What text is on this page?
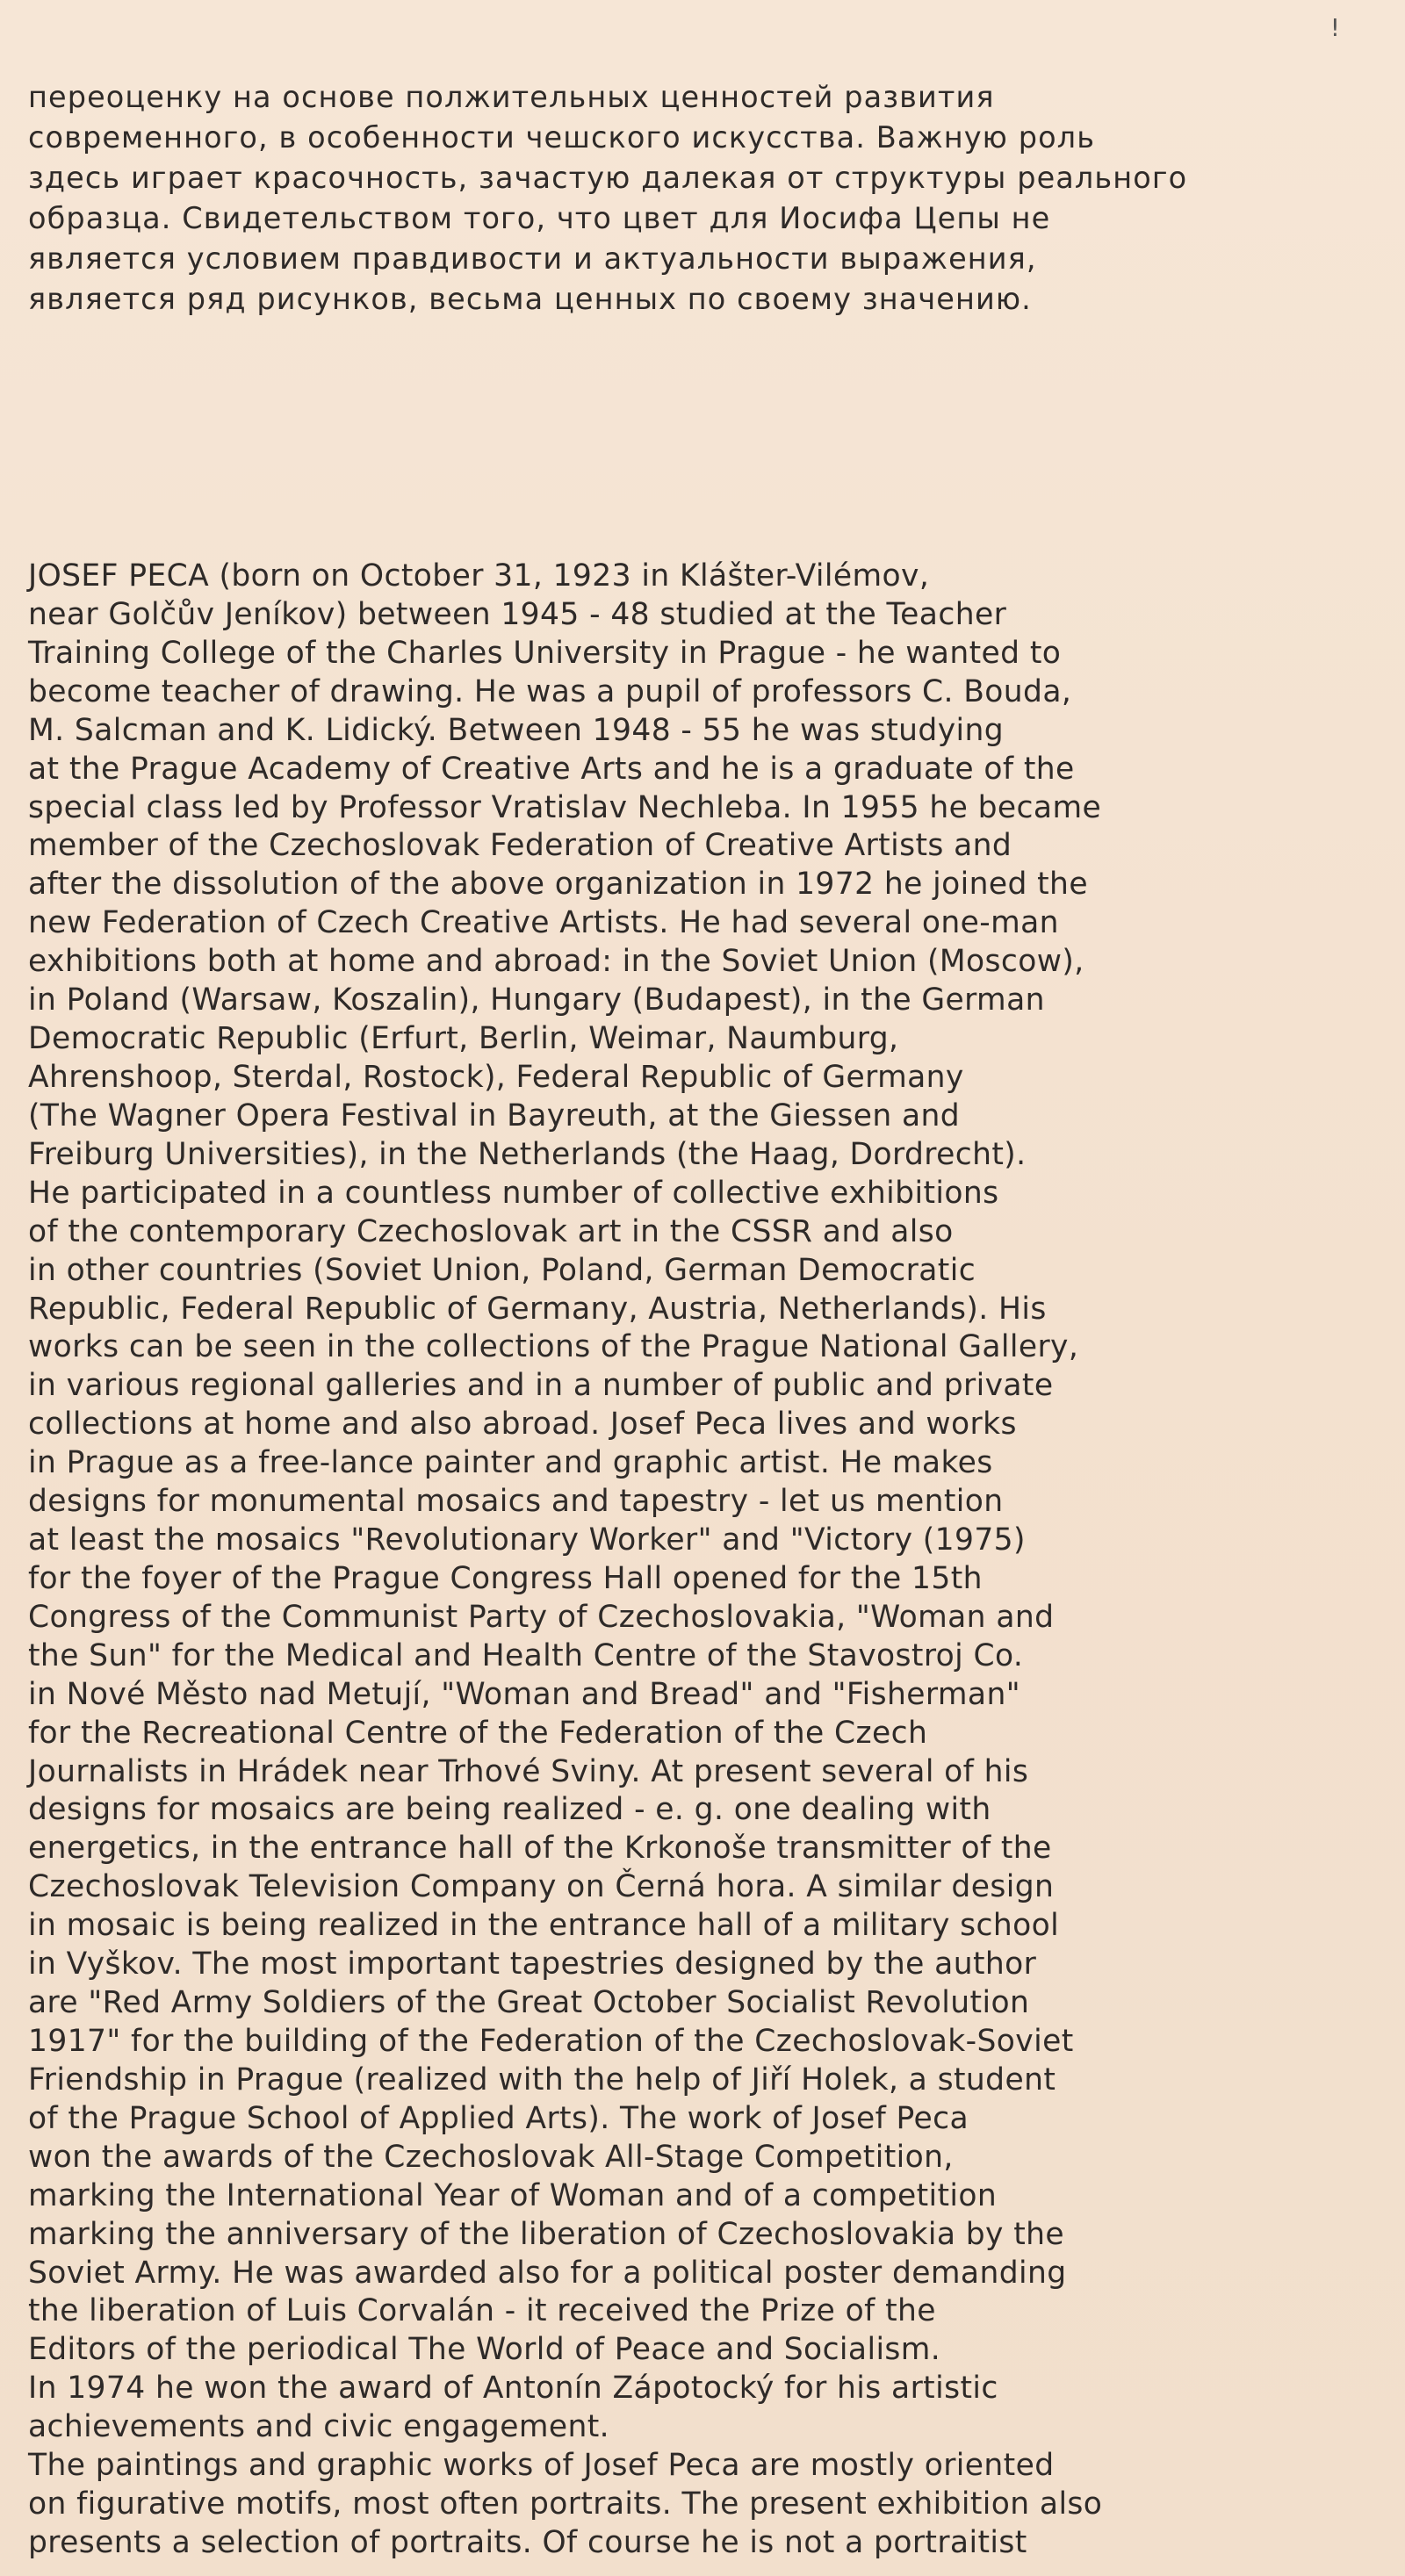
!
переоценку на основе полжительных ценностей развития
современного, в особенности чешского искусства. Важную роль
здесь играет красочность, зачастую далекая от структуры реального
образца. Свидетельством того, что цвет для Иосифа Цепы не
является условием правдивости и актуальности выражения,
является ряд рисунков, весьма ценных по своему значению.
JOSEF PECA (born on October 31, 1923 in Klášter-Vilémov,
near Golčův Jeníkov) between 1945 - 48 studied at the Teacher
Training College of the Charles University in Prague - he wanted to
become teacher of drawing. He was a pupil of professors C. Bouda,
M. Salcman and K. Lidický. Between 1948 - 55 he was studying
at the Prague Academy of Creative Arts and he is a graduate of the
special class led by Professor Vratislav Nechleba. In 1955 he became
member of the Czechoslovak Federation of Creative Artists and
after the dissolution of the above organization in 1972 he joined the
new Federation of Czech Creative Artists. He had several one-man
exhibitions both at home and abroad: in the Soviet Union (Moscow),
in Poland (Warsaw, Koszalin), Hungary (Budapest), in the German
Democratic Republic (Erfurt, Berlin, Weimar, Naumburg,
Ahrenshoop, Sterdal, Rostock), Federal Republic of Germany
(The Wagner Opera Festival in Bayreuth, at the Giessen and
Freiburg Universities), in the Netherlands (the Haag, Dordrecht).
He participated in a countless number of collective exhibitions
of the contemporary Czechoslovak art in the CSSR and also
in other countries (Soviet Union, Poland, German Democratic
Republic, Federal Republic of Germany, Austria, Netherlands). His
works can be seen in the collections of the Prague National Gallery,
in various regional galleries and in a number of public and private
collections at home and also abroad. Josef Peca lives and works
in Prague as a free-lance painter and graphic artist. He makes
designs for monumental mosaics and tapestry - let us mention
at least the mosaics "Revolutionary Worker" and "Victory (1975)
for the foyer of the Prague Congress Hall opened for the 15th
Congress of the Communist Party of Czechoslovakia, "Woman and
the Sun" for the Medical and Health Centre of the Stavostroj Co.
in Nové Město nad Metují, "Woman and Bread" and "Fisherman"
for the Recreational Centre of the Federation of the Czech
Journalists in Hrádek near Trhové Sviny. At present several of his
designs for mosaics are being realized - e. g. one dealing with
energetics, in the entrance hall of the Krkonoše transmitter of the
Czechoslovak Television Company on Černá hora. A similar design
in mosaic is being realized in the entrance hall of a military school
in Vyškov. The most important tapestries designed by the author
are "Red Army Soldiers of the Great October Socialist Revolution
1917" for the building of the Federation of the Czechoslovak-Soviet
Friendship in Prague (realized with the help of Jiří Holek, a student
of the Prague School of Applied Arts). The work of Josef Peca
won the awards of the Czechoslovak All-Stage Competition,
marking the International Year of Woman and of a competition
marking the anniversary of the liberation of Czechoslovakia by the
Soviet Army. He was awarded also for a political poster demanding
the liberation of Luis Corvalán - it received the Prize of the
Editors of the periodical The World of Peace and Socialism.
In 1974 he won the award of Antonín Zápotocký for his artistic
achievements and civic engagement.
The paintings and graphic works of Josef Peca are mostly oriented
on figurative motifs, most often portraits. The present exhibition also
presents a selection of portraits. Of course he is not a portraitist
